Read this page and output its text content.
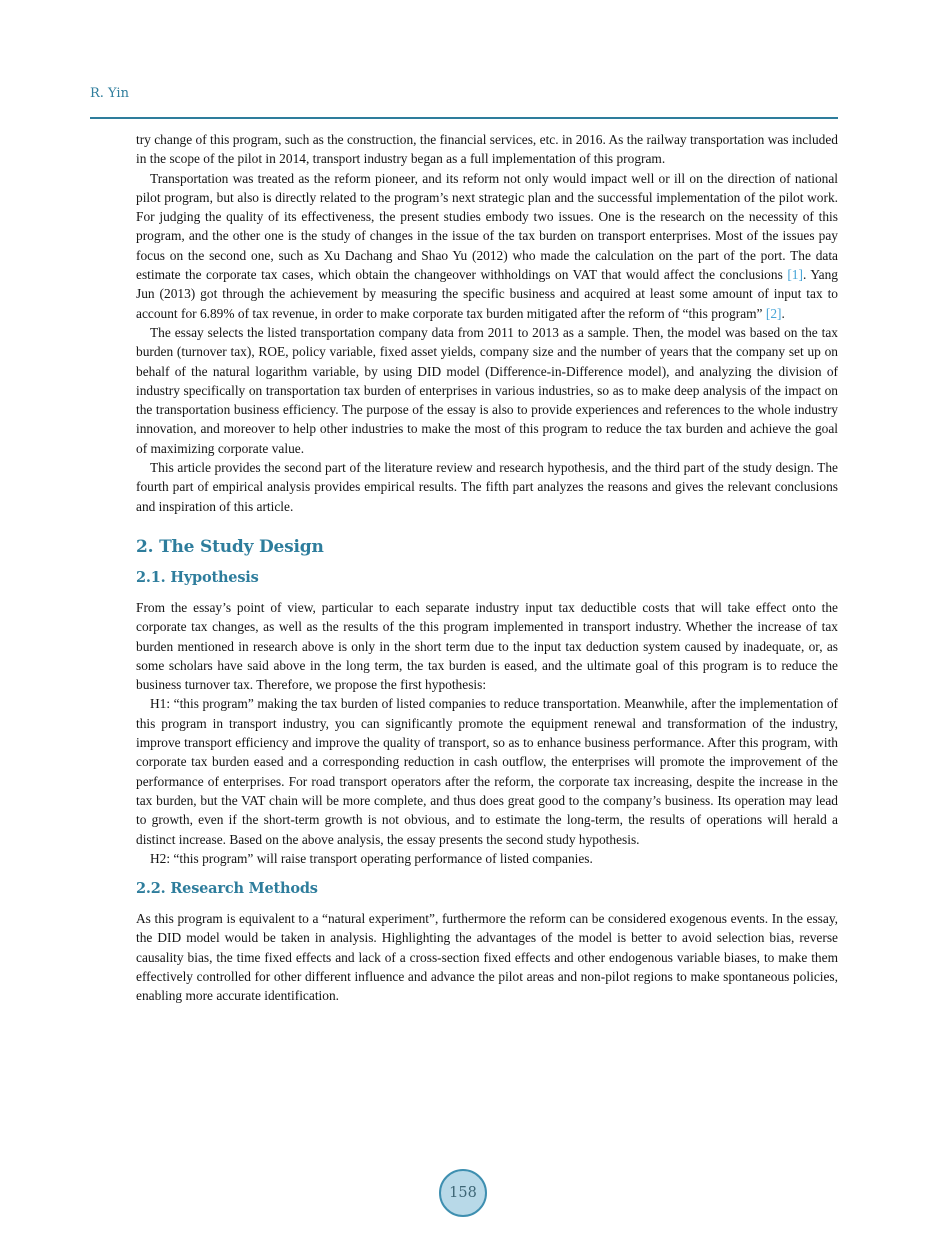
R. Yin

try change of this program, such as the construction, the financial services, etc. in 2016. As the railway transportation was included in the scope of the pilot in 2014, transport industry began as a full implementation of this program.

Transportation was treated as the reform pioneer, and its reform not only would impact well or ill on the direction of national pilot program, but also is directly related to the program’s next strategic plan and the successful implementation of the pilot work. For judging the quality of its effectiveness, the present studies embody two issues. One is the research on the necessity of this program, and the other one is the study of changes in the issue of the tax burden on transport enterprises. Most of the issues pay focus on the second one, such as Xu Dachang and Shao Yu (2012) who made the calculation on the part of the port. The data estimate the corporate tax cases, which obtain the changeover withholdings on VAT that would affect the conclusions [1]. Yang Jun (2013) got through the achievement by measuring the specific business and acquired at least some amount of input tax to account for 6.89% of tax revenue, in order to make corporate tax burden mitigated after the reform of “this program” [2].

The essay selects the listed transportation company data from 2011 to 2013 as a sample. Then, the model was based on the tax burden (turnover tax), ROE, policy variable, fixed asset yields, company size and the number of years that the company set up on behalf of the natural logarithm variable, by using DID model (Difference-in-Difference model), and analyzing the division of industry specifically on transportation tax burden of enterprises in various industries, so as to make deep analysis of the impact on the transportation business efficiency. The purpose of the essay is also to provide experiences and references to the whole industry innovation, and moreover to help other industries to make the most of this program to reduce the tax burden and achieve the goal of maximizing corporate value.

This article provides the second part of the literature review and research hypothesis, and the third part of the study design. The fourth part of empirical analysis provides empirical results. The fifth part analyzes the reasons and gives the relevant conclusions and inspiration of this article.

2. The Study Design
2.1. Hypothesis

From the essay’s point of view, particular to each separate industry input tax deductible costs that will take effect onto the corporate tax changes, as well as the results of the this program implemented in transport industry. Whether the increase of tax burden mentioned in research above is only in the short term due to the input tax deduction system caused by inadequate, or, as some scholars have said above in the long term, the tax burden is eased, and the ultimate goal of this program is to reduce the business turnover tax. Therefore, we propose the first hypothesis:

H1: “this program” making the tax burden of listed companies to reduce transportation. Meanwhile, after the implementation of this program in transport industry, you can significantly promote the equipment renewal and transformation of the industry, improve transport efficiency and improve the quality of transport, so as to enhance business performance. After this program, with corporate tax burden eased and a corresponding reduction in cash outflow, the enterprises will promote the improvement of the performance of enterprises. For road transport operators after the reform, the corporate tax increasing, despite the increase in the tax burden, but the VAT chain will be more complete, and thus does great good to the company’s business. Its operation may lead to growth, even if the short-term growth is not obvious, and to estimate the long-term, the results of operations will herald a distinct increase. Based on the above analysis, the essay presents the second study hypothesis.

H2: “this program” will raise transport operating performance of listed companies.

2.2. Research Methods

As this program is equivalent to a “natural experiment”, furthermore the reform can be considered exogenous events. In the essay, the DID model would be taken in analysis. Highlighting the advantages of the model is better to avoid selection bias, reverse causality bias, the time fixed effects and lack of a cross-section fixed effects and other endogenous variable biases, to make them effectively controlled for other different influence and advance the pilot areas and non-pilot regions to make spontaneous policies, enabling more accurate identification.

158
